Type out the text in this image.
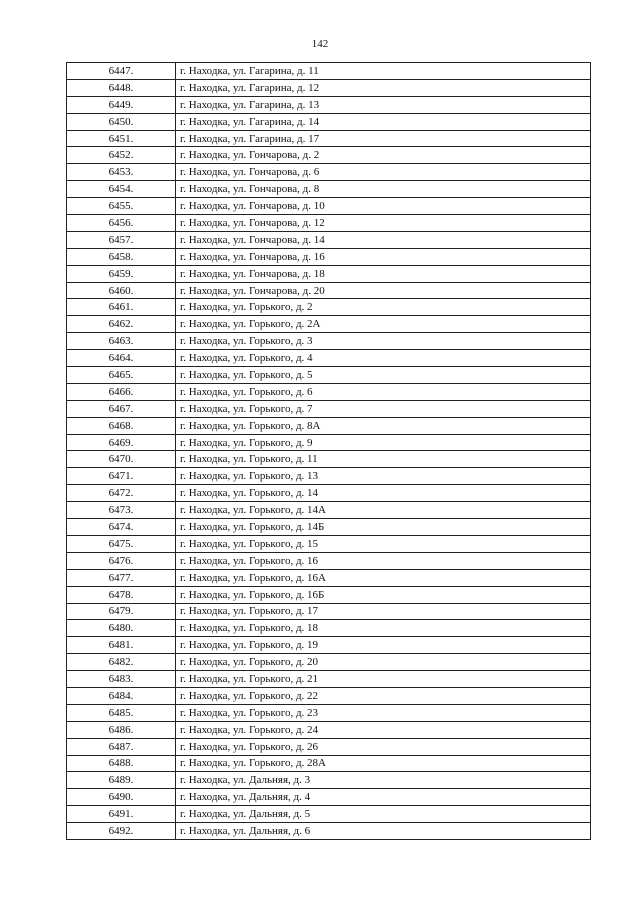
142
6447.	г. Находка, ул. Гагарина, д. 11
6448.	г. Находка, ул. Гагарина, д. 12
6449.	г. Находка, ул. Гагарина, д. 13
6450.	г. Находка, ул. Гагарина, д. 14
6451.	г. Находка, ул. Гагарина, д. 17
6452.	г. Находка, ул. Гончарова, д. 2
6453.	г. Находка, ул. Гончарова, д. 6
6454.	г. Находка, ул. Гончарова, д. 8
6455.	г. Находка, ул. Гончарова, д. 10
6456.	г. Находка, ул. Гончарова, д. 12
6457.	г. Находка, ул. Гончарова, д. 14
6458.	г. Находка, ул. Гончарова, д. 16
6459.	г. Находка, ул. Гончарова, д. 18
6460.	г. Находка, ул. Гончарова, д. 20
6461.	г. Находка, ул. Горького, д. 2
6462.	г. Находка, ул. Горького, д. 2А
6463.	г. Находка, ул. Горького, д. 3
6464.	г. Находка, ул. Горького, д. 4
6465.	г. Находка, ул. Горького, д. 5
6466.	г. Находка, ул. Горького, д. 6
6467.	г. Находка, ул. Горького, д. 7
6468.	г. Находка, ул. Горького, д. 8А
6469.	г. Находка, ул. Горького, д. 9
6470.	г. Находка, ул. Горького, д. 11
6471.	г. Находка, ул. Горького, д. 13
6472.	г. Находка, ул. Горького, д. 14
6473.	г. Находка, ул. Горького, д. 14А
6474.	г. Находка, ул. Горького, д. 14Б
6475.	г. Находка, ул. Горького, д. 15
6476.	г. Находка, ул. Горького, д. 16
6477.	г. Находка, ул. Горького, д. 16А
6478.	г. Находка, ул. Горького, д. 16Б
6479.	г. Находка, ул. Горького, д. 17
6480.	г. Находка, ул. Горького, д. 18
6481.	г. Находка, ул. Горького, д. 19
6482.	г. Находка, ул. Горького, д. 20
6483.	г. Находка, ул. Горького, д. 21
6484.	г. Находка, ул. Горького, д. 22
6485.	г. Находка, ул. Горького, д. 23
6486.	г. Находка, ул. Горького, д. 24
6487.	г. Находка, ул. Горького, д. 26
6488.	г. Находка, ул. Горького, д. 28А
6489.	г. Находка, ул. Дальняя, д. 3
6490.	г. Находка, ул. Дальняя, д. 4
6491.	г. Находка, ул. Дальняя, д. 5
6492.	г. Находка, ул. Дальняя, д. 6
